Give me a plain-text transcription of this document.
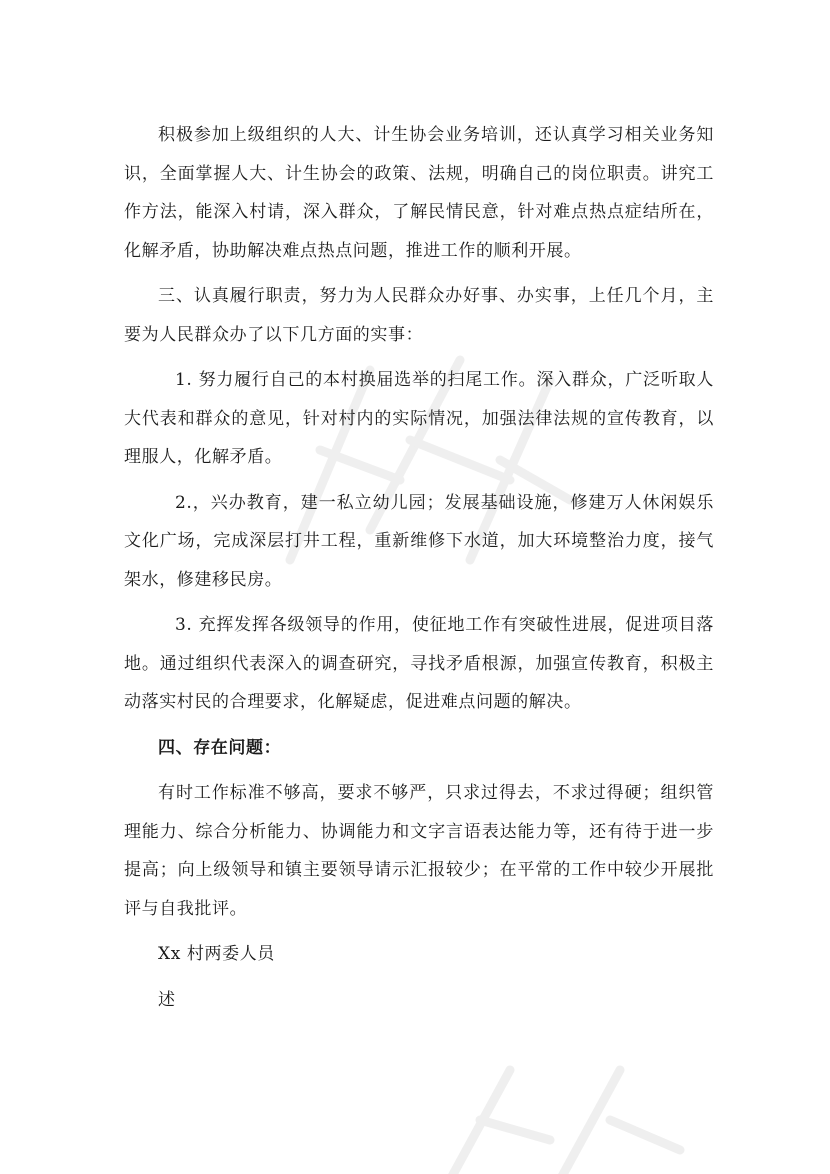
积极参加上级组织的人大、计生协会业务培训，还认真学习相关业务知识，全面掌握人大、计生协会的政策、法规，明确自己的岗位职责。讲究工作方法，能深入村请，深入群众，了解民情民意，针对难点热点症结所在，化解矛盾，协助解决难点热点问题，推进工作的顺利开展。

三、认真履行职责，努力为人民群众办好事、办实事，上任几个月，主要为人民群众办了以下几方面的实事：

1. 努力履行自己的本村换届选举的扫尾工作。深入群众，广泛听取人大代表和群众的意见，针对村内的实际情况，加强法律法规的宣传教育，以理服人，化解矛盾。

2.，兴办教育，建一私立幼儿园；发展基础设施，修建万人休闲娱乐文化广场，完成深层打井工程，重新维修下水道，加大环境整治力度，接气架水，修建移民房。

3. 充挥发挥各级领导的作用，使征地工作有突破性进展，促进项目落地。通过组织代表深入的调查研究，寻找矛盾根源，加强宣传教育，积极主动落实村民的合理要求，化解疑虑，促进难点问题的解决。

四、存在问题：

有时工作标准不够高，要求不够严，只求过得去，不求过得硬；组织管理能力、综合分析能力、协调能力和文字言语表达能力等，还有待于进一步提高；向上级领导和镇主要领导请示汇报较少；在平常的工作中较少开展批评与自我批评。

Xx 村两委人员

述
